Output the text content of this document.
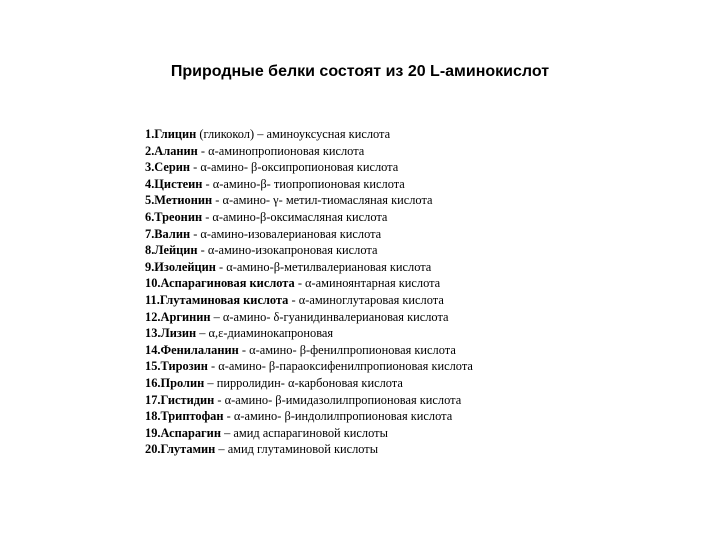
Природные белки состоят из 20 L-аминокислот
1.Глицин (гликокол) – аминоуксусная кислота
2.Аланин - α-аминопропионовая кислота
3.Серин - α-амино- β-оксипропионовая кислота
4.Цистеин - α-амино-β- тиопропионовая кислота
5.Метионин - α-амино- γ- метил-тиомасляная кислота
6.Треонин - α-амино-β-оксимасляная кислота
7.Валин - α-амино-изовалериановая кислота
8.Лейцин - α-амино-изокапроновая кислота
9.Изолейцин - α-амино-β-метилвалериановая кислота
10.Аспарагиновая кислота - α-аминоянтарная кислота
11.Глутаминовая кислота - α-аминоглутаровая кислота
12.Аргинин – α-амино- δ-гуанидинвалериановая кислота
13.Лизин – α,ε-диаминокапроновая
14.Фенилаланин - α-амино- β-фенилпропионовая кислота
15.Тирозин - α-амино- β-параоксифенилпропионовая кислота
16.Пролин – пирролидин- α-карбоновая кислота
17.Гистидин - α-амино- β-имидазолилпропионовая кислота
18.Триптофан - α-амино- β-индолилпропионовая кислота
19.Аспарагин – амид аспарагиновой кислоты
20.Глутамин – амид глутаминовой кислоты
